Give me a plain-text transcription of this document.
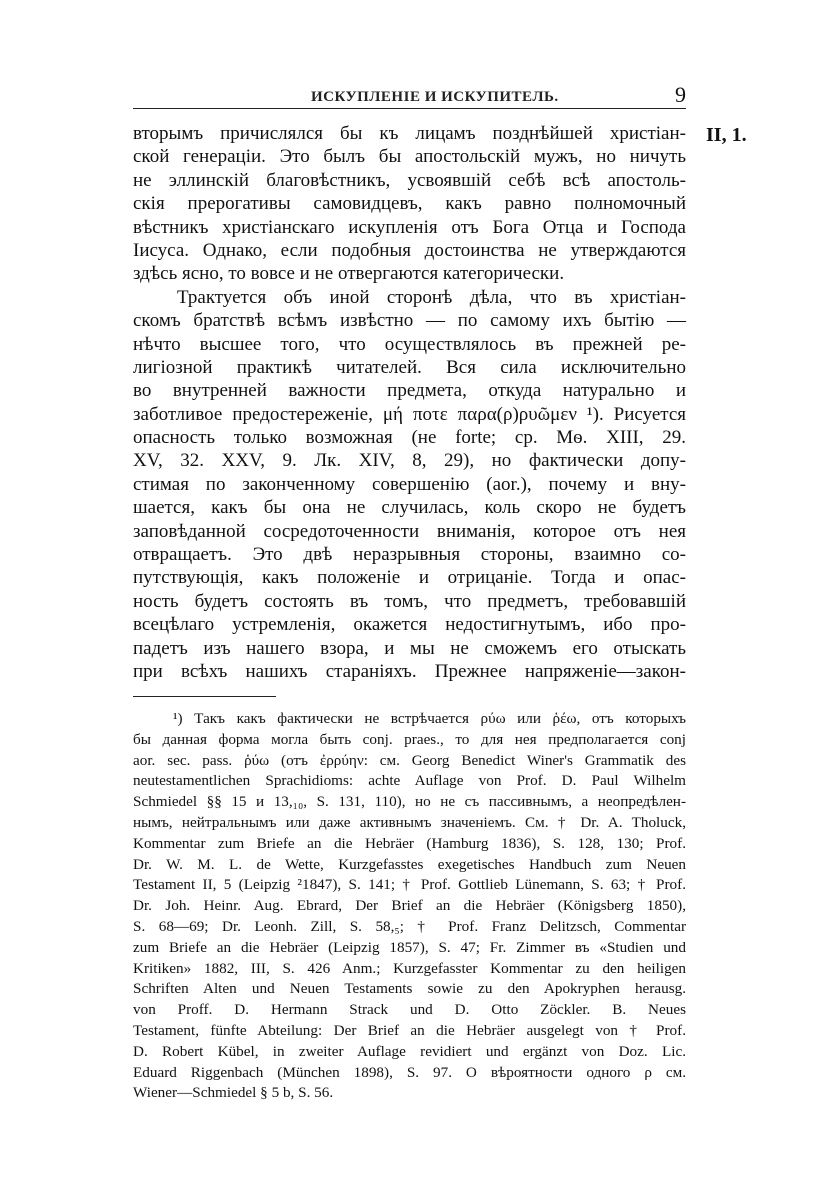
ИСКУПЛЕНIЕ И ИСКУПИТЕЛЬ.	9
II, 1.
вторымъ причислялся бы къ лицамъ позднѣйшей христіан-
ской генераціи. Это былъ бы апостольскій мужъ, но ничуть
не эллинскій благовѣстникъ, усвоявшій себѣ всѣ апостоль-
скія прерогативы самовидцевъ, какъ равно полномочный
вѣстникъ христіанскаго искупленія отъ Бога Отца и Господа
Іисуса. Однако, если подобныя достоинства не утверждаются
здѣсь ясно, то вовсе и не отвергаются категорически.
Трактуется объ иной сторонѣ дѣла, что въ христіан-
скомъ братствѣ всѣмъ извѣстно — по самому ихъ бытію —
нѣчто высшее того, что осуществлялось въ прежней ре-
лигіозной практикѣ читателей. Вся сила исключительно
во внутренней важности предмета, откуда натурально и
заботливое предостереженіе, μή ποτε παρα(ρ)ρυῶμεν ¹). Рисуется
опасность только возможная (не forte; ср. Мѳ. XIII, 29.
XV, 32. XXV, 9. Лк. XIV, 8, 29), но фактически допу-
стимая по законченному совершенію (aor.), почему и вну-
шается, какъ бы она не случилась, коль скоро не будетъ
заповѣданной сосредоточенности вниманія, которое отъ нея
отвращаетъ. Это двѣ неразрывныя стороны, взаимно со-
путствующія, какъ положеніе и отрицаніе. Тогда и опас-
ность будетъ состоять въ томъ, что предметъ, требовавшій
всецѣлаго устремленія, окажется недостигнутымъ, ибо про-
падетъ изъ нашего взора, и мы не сможемъ его отыскать
при всѣхъ нашихъ стараніяхъ. Прежнее напряженіе—закон-
¹) Такъ какъ фактически не встрѣчается ρύω или ῥέω, отъ которыхъ
бы данная форма могла быть conj. praes., то для нея предполагается conj
aor. sec. pass. ῥύω (отъ ἐρρύην: см. Georg Benedict Winer's Grammatik des
neutestamentlichen Sprachidioms: achte Auflage von Prof. D. Paul Wilhelm
Schmiedel §§ 15 и 13,₁₀, S. 131, 110), но не съ пассивнымъ, а неопредѣлен-
нымъ, нейтральнымъ или даже активнымъ значеніемъ. См. † Dr. A. Tholuck,
Kommentar zum Briefe an die Hebräer (Hamburg 1836), S. 128, 130; Prof.
Dr. W. M. L. de Wette, Kurzgefasstes exegetisches Handbuch zum Neuen
Testament II, 5 (Leipzig ²1847), S. 141; † Prof. Gottlieb Lünemann, S. 63; † Prof.
Dr. Joh. Heinr. Aug. Ebrard, Der Brief an die Hebräer (Königsberg 1850),
S. 68—69; Dr. Leonh. Zill, S. 58,₅; † Prof. Franz Delitzsch, Commentar
zum Briefe an die Hebräer (Leipzig 1857), S. 47; Fr. Zimmer въ «Studien und
Kritiken» 1882, III, S. 426 Anm.; Kurzgefasster Kommentar zu den heiligen
Schriften Alten und Neuen Testaments sowie zu den Apokryphen herausg.
von Proff. D. Hermann Strack und D. Otto Zöckler. B. Neues
Testament, fünfte Abteilung: Der Brief an die Hebräer ausgelegt von † Prof.
D. Robert Kübel, in zweiter Auflage revidiert und ergänzt von Doz. Lic.
Eduard Riggenbach (München 1898), S. 97. О вѣроятности одного ρ см.
Wiener—Schmiedel § 5 b, S. 56.
